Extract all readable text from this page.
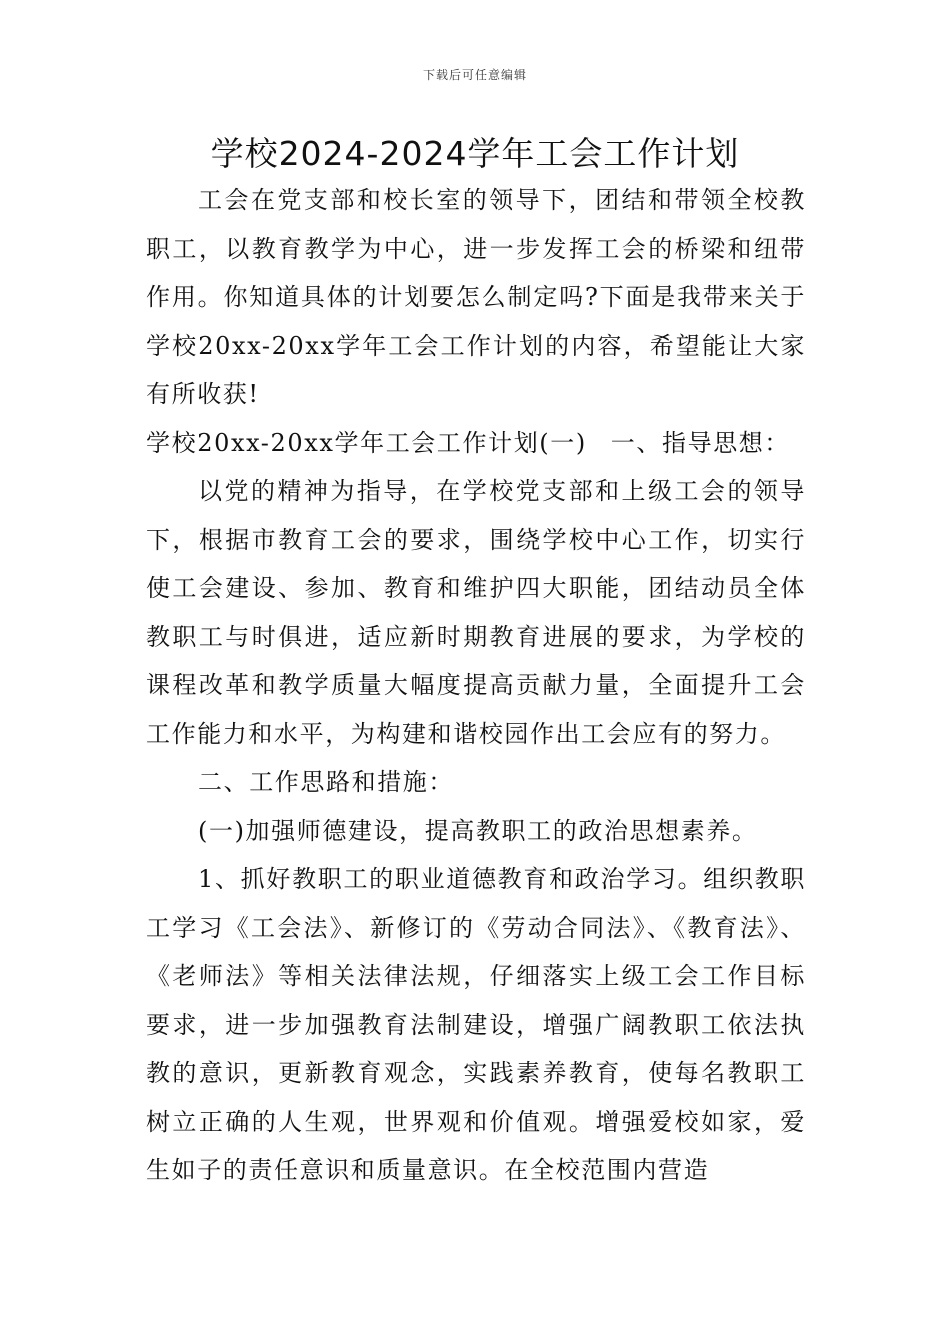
下载后可任意编辑
学校2024-2024学年工会工作计划

工会在党支部和校长室的领导下，团结和带领全校教职工，以教育教学为中心，进一步发挥工会的桥梁和纽带作用。你知道具体的计划要怎么制定吗?下面是我带来关于学校20xx-20xx学年工会工作计划的内容，希望能让大家有所收获!

学校20xx-20xx学年工会工作计划(一) 一、指导思想：

以党的精神为指导，在学校党支部和上级工会的领导下，根据市教育工会的要求，围绕学校中心工作，切实行使工会建设、参加、教育和维护四大职能，团结动员全体教职工与时俱进，适应新时期教育进展的要求，为学校的课程改革和教学质量大幅度提高贡献力量，全面提升工会工作能力和水平，为构建和谐校园作出工会应有的努力。

二、工作思路和措施：

(一)加强师德建设，提高教职工的政治思想素养。

1、抓好教职工的职业道德教育和政治学习。组织教职工学习《工会法》、新修订的《劳动合同法》、《教育法》、《老师法》等相关法律法规，仔细落实上级工会工作目标要求，进一步加强教育法制建设，增强广阔教职工依法执教的意识，更新教育观念，实践素养教育，使每名教职工树立正确的人生观，世界观和价值观。增强爱校如家，爱生如子的责任意识和质量意识。在全校范围内营造
